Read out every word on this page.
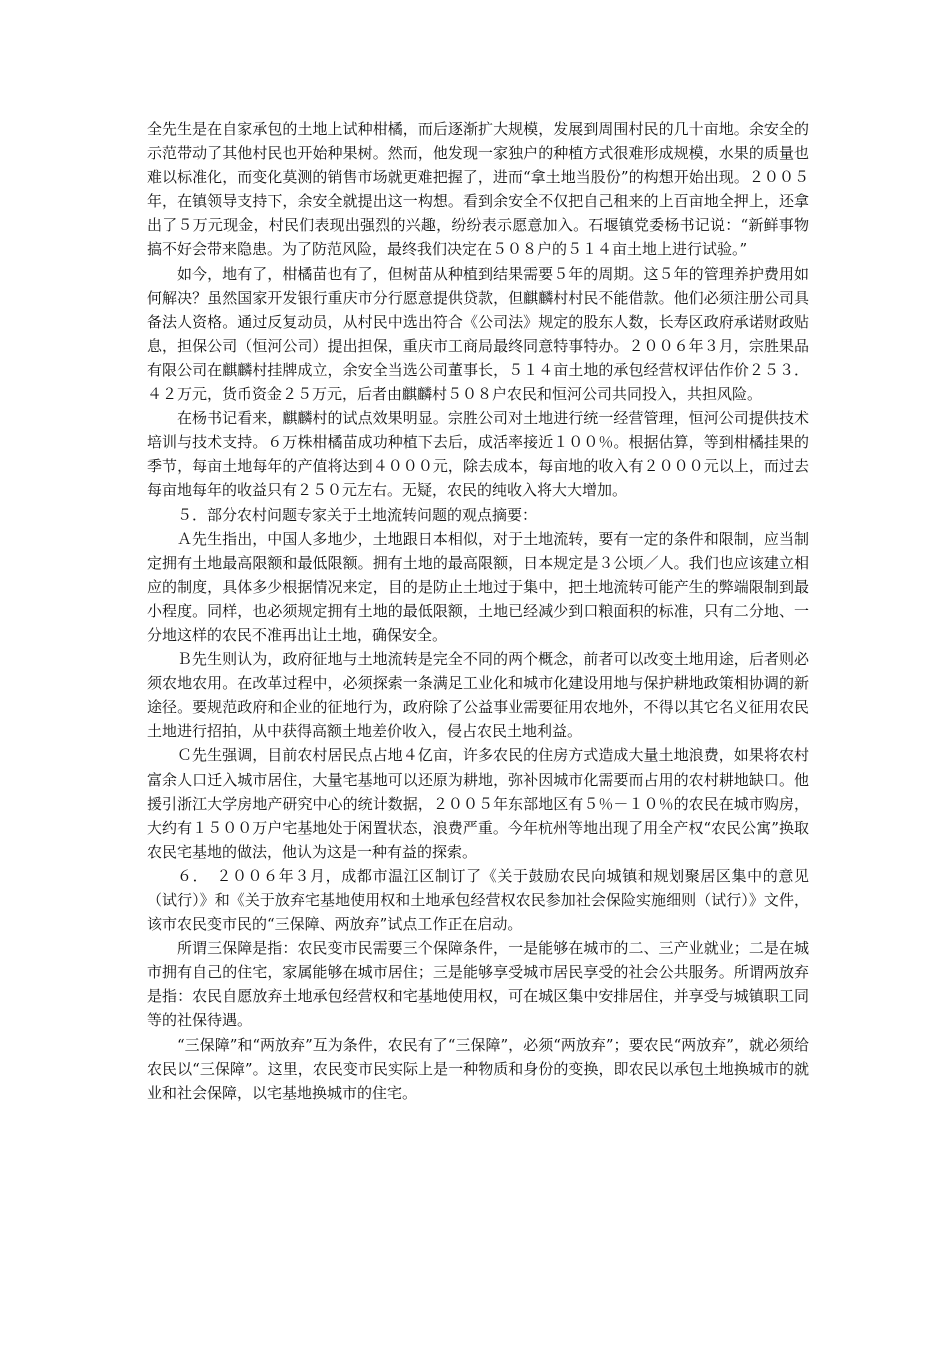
全先生是在自家承包的土地上试种柑橘，而后逐渐扩大规模，发展到周围村民的几十亩地。余安全的示范带动了其他村民也开始种果树。然而，他发现一家独户的种植方式很难形成规模，水果的质量也难以标准化，而变化莫测的销售市场就更难把握了，进而“拿土地当股份”的构想开始出现。２００５年，在镇领导支持下，余安全就提出这一构想。看到余安全不仅把自己租来的上百亩地全押上，还拿出了５万元现金，村民们表现出强烈的兴趣，纷纷表示愿意加入。石堰镇党委杨书记说：“新鲜事物搞不好会带来隐患。为了防范风险，最终我们决定在５０８户的５１４亩土地上进行试验。”

如今，地有了，柑橘苗也有了，但树苗从种植到结果需要５年的周期。这５年的管理养护费用如何解决？虽然国家开发银行重庆市分行愿意提供贷款，但麒麟村村民不能借款。他们必须注册公司具备法人资格。通过反复动员，从村民中选出符合《公司法》规定的股东人数，长寿区政府承诺财政贴息，担保公司（恒河公司）提出担保，重庆市工商局最终同意特事特办。２００６年３月，宗胜果品有限公司在麒麟村挂牌成立，余安全当选公司董事长，５１４亩土地的承包经营权评估作价２５３．４２万元，货币资金２５万元，后者由麒麟村５０８户农民和恒河公司共同投入，共担风险。

在杨书记看来，麒麟村的试点效果明显。宗胜公司对土地进行统一经营管理，恒河公司提供技术培训与技术支持。６万株柑橘苗成功种植下去后，成活率接近１００％。根据估算，等到柑橘挂果的季节，每亩土地每年的产值将达到４０００元，除去成本，每亩地的收入有２０００元以上，而过去每亩地每年的收益只有２５０元左右。无疑，农民的纯收入将大大增加。

５．部分农村问题专家关于土地流转问题的观点摘要：

Ａ先生指出，中国人多地少，土地跟日本相似，对于土地流转，要有一定的条件和限制，应当制定拥有土地最高限额和最低限额。拥有土地的最高限额，日本规定是３公顷／人。我们也应该建立相应的制度，具体多少根据情况来定，目的是防止土地过于集中，把土地流转可能产生的弊端限制到最小程度。同样，也必须规定拥有土地的最低限额，土地已经减少到口粮面积的标准，只有二分地、一分地这样的农民不准再出让土地，确保安全。

Ｂ先生则认为，政府征地与土地流转是完全不同的两个概念，前者可以改变土地用途，后者则必须农地农用。在改革过程中，必须探索一条满足工业化和城市化建设用地与保护耕地政策相协调的新途径。要规范政府和企业的征地行为，政府除了公益事业需要征用农地外，不得以其它名义征用农民土地进行招拍，从中获得高额土地差价收入，侵占农民土地利益。

Ｃ先生强调，目前农村居民点占地４亿亩，许多农民的住房方式造成大量土地浪费，如果将农村富余人口迁入城市居住，大量宅基地可以还原为耕地，弥补因城市化需要而占用的农村耕地缺口。他援引浙江大学房地产研究中心的统计数据，２００５年东部地区有５％－１０％的农民在城市购房，大约有１５００万户宅基地处于闲置状态，浪费严重。今年杭州等地出现了用全产权“农民公寓”换取农民宅基地的做法，他认为这是一种有益的探索。

６．　２００６年３月，成都市温江区制订了《关于鼓励农民向城镇和规划聚居区集中的意见（试行）》和《关于放弃宅基地使用权和土地承包经营权农民参加社会保险实施细则（试行）》文件，该市农民变市民的“三保障、两放弃”试点工作正在启动。

所谓三保障是指：农民变市民需要三个保障条件，一是能够在城市的二、三产业就业；二是在城市拥有自己的住宅，家属能够在城市居住；三是能够享受城市居民享受的社会公共服务。所谓两放弃是指：农民自愿放弃土地承包经营权和宅基地使用权，可在城区集中安排居住，并享受与城镇职工同等的社保待遇。

“三保障”和“两放弃”互为条件，农民有了“三保障”，必须“两放弃”；要农民“两放弃”，就必须给农民以“三保障”。这里，农民变市民实际上是一种物质和身份的变换，即农民以承包土地换城市的就业和社会保障，以宅基地换城市的住宅。
